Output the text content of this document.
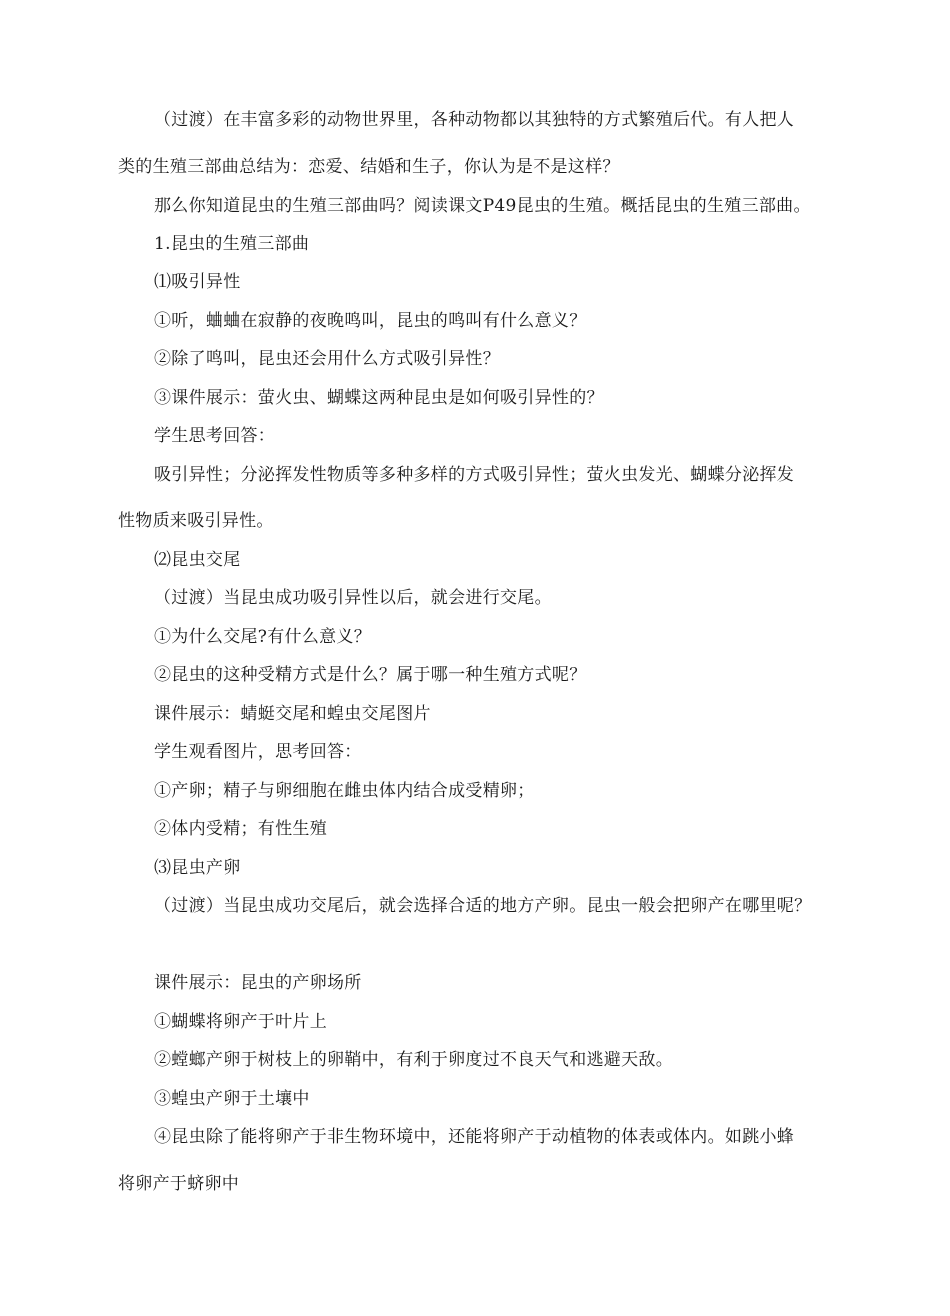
（过渡）在丰富多彩的动物世界里，各种动物都以其独特的方式繁殖后代。有人把人
类的生殖三部曲总结为：恋爱、结婚和生子，你认为是不是这样？
那么你知道昆虫的生殖三部曲吗？阅读课文P49昆虫的生殖。概括昆虫的生殖三部曲。
1.昆虫的生殖三部曲
⑴吸引异性
①听，蛐蛐在寂静的夜晚鸣叫，昆虫的鸣叫有什么意义？
②除了鸣叫，昆虫还会用什么方式吸引异性？
③课件展示：萤火虫、蝴蝶这两种昆虫是如何吸引异性的？
学生思考回答：
吸引异性；分泌挥发性物质等多种多样的方式吸引异性；萤火虫发光、蝴蝶分泌挥发
性物质来吸引异性。
⑵昆虫交尾
（过渡）当昆虫成功吸引异性以后，就会进行交尾。
①为什么交尾?有什么意义？
②昆虫的这种受精方式是什么？属于哪一种生殖方式呢？
课件展示：蜻蜓交尾和蝗虫交尾图片
学生观看图片，思考回答：
①产卵；精子与卵细胞在雌虫体内结合成受精卵；
②体内受精；有性生殖
⑶昆虫产卵
（过渡）当昆虫成功交尾后，就会选择合适的地方产卵。昆虫一般会把卵产在哪里呢？
课件展示：昆虫的产卵场所
①蝴蝶将卵产于叶片上
②螳螂产卵于树枝上的卵鞘中，有利于卵度过不良天气和逃避天敌。
③蝗虫产卵于土壤中
④昆虫除了能将卵产于非生物环境中，还能将卵产于动植物的体表或体内。如跳小蜂
将卵产于蛴卵中
